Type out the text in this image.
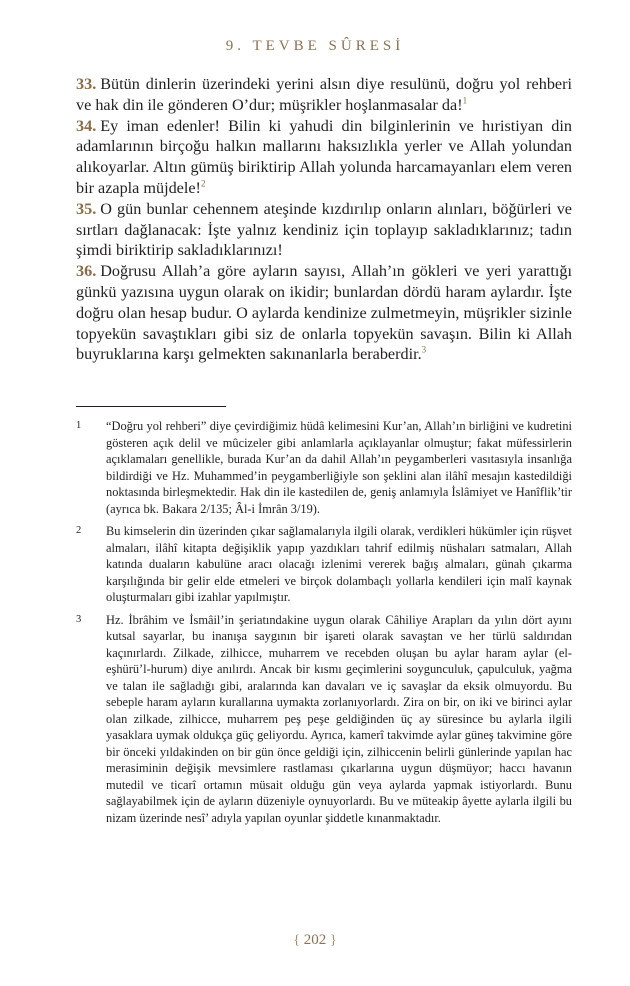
9. TEVBE SÛRESİ

33. Bütün dinlerin üzerindeki yerini alsın diye resulünü, doğru yol rehberi ve hak din ile gönderen O’dur; müşrikler hoşlanmasalar da!$^1$

34. Ey iman edenler! Bilin ki yahudi din bilginlerinin ve hıristiyan din adamlarının birçoğu halkın mallarını haksızlıkla yerler ve Allah yolundan alıkoyarlar. Altın gümüş biriktirip Allah yolunda harcamayanları elem veren bir azapla müjdele!$^2$

35. O gün bunlar cehennem ateşinde kızdırılıp onların alınları, böğürleri ve sırtları dağlanacak: İşte yalnız kendiniz için toplayıp sakladıklarınız; tadın şimdi biriktirip sakladıklarınızı!

36. Doğrusu Allah’a göre ayların sayısı, Allah’ın gökleri ve yeri yarattığı günkü yazısına uygun olarak on ikidir; bunlardan dördü haram aylardır. İşte doğru olan hesap budur. O aylarda kendinize zulmetmeyin, müşrikler sizinle topyekün savaştıkları gibi siz de onlarla topyekün savaşın. Bilin ki Allah buyruklarına karşı gelmekten sakınanlarla beraberdir.$^3$

1 “Doğru yol rehberi” diye çevirdiğimiz hüdâ kelimesini Kur’an, Allah’ın birliğini ve kudretini gösteren açık delil ve mûcizeler gibi anlamlarla açıklayanlar olmuştur; fakat müfessirlerin açıklamaları genellikle, burada Kur’an da dahil Allah’ın peygamberleri vasıtasıyla insanlığa bildirdiği ve Hz. Muhammed’in peygamberliğiyle son şeklini alan ilâhî mesajın kastedildiği noktasında birleşmektedir. Hak din ile kastedilen de, geniş anlamıyla İslâmiyet ve Hanîflik’tir (ayrıca bk. Bakara 2/135; Âl-i İmrân 3/19).

2 Bu kimselerin din üzerinden çıkar sağlamalarıyla ilgili olarak, verdikleri hükümler için rüşvet almaları, ilâhî kitapta değişiklik yapıp yazdıkları tahrif edilmiş nüshaları satmaları, Allah katında duaların kabulüne aracı olacağı izlenimi vererek bağış almaları, günah çıkarma karşılığında bir gelir elde etmeleri ve birçok dolambaçlı yollarla kendileri için malî kaynak oluşturmaları gibi izahlar yapılmıştır.

3 Hz. İbrâhim ve İsmâil’in şeriatındakine uygun olarak Câhiliye Arapları da yılın dört ayını kutsal sayarlar, bu inanışa saygının bir işareti olarak savaştan ve her türlü saldırıdan kaçınırlardı. Zilkade, zilhicce, muharrem ve recebden oluşan bu aylar haram aylar (el-eşhürü’l-hurum) diye anılırdı. Ancak bir kısmı geçimlerini soygunculuk, çapulculuk, yağma ve talan ile sağladığı gibi, aralarında kan davaları ve iç savaşlar da eksik olmuyordu. Bu sebeple haram ayların kurallarına uymakta zorlanıyorlardı. Zira on bir, on iki ve birinci aylar olan zilkade, zilhicce, muharrem peş peşe geldiğinden üç ay süresince bu aylarla ilgili yasaklara uymak oldukça güç geliyordu. Ayrıca, kamerî takvimde aylar güneş takvimine göre bir önceki yıldakinden on bir gün önce geldiği için, zilhiccenin belirli günlerinde yapılan hac merasiminin değişik mevsimlere rastlaması çıkarlarına uygun düşmüyor; haccı havanın mutedil ve ticarî ortamın müsait olduğu gün veya aylarda yapmak istiyorlardı. Bunu sağlayabilmek için de ayların düzeniyle oynuyorlardı. Bu ve müteakip âyette aylarla ilgili bu nizam üzerinde nesî’ adıyla yapılan oyunlar şiddetle kınanmaktadır.

{ 202 }
